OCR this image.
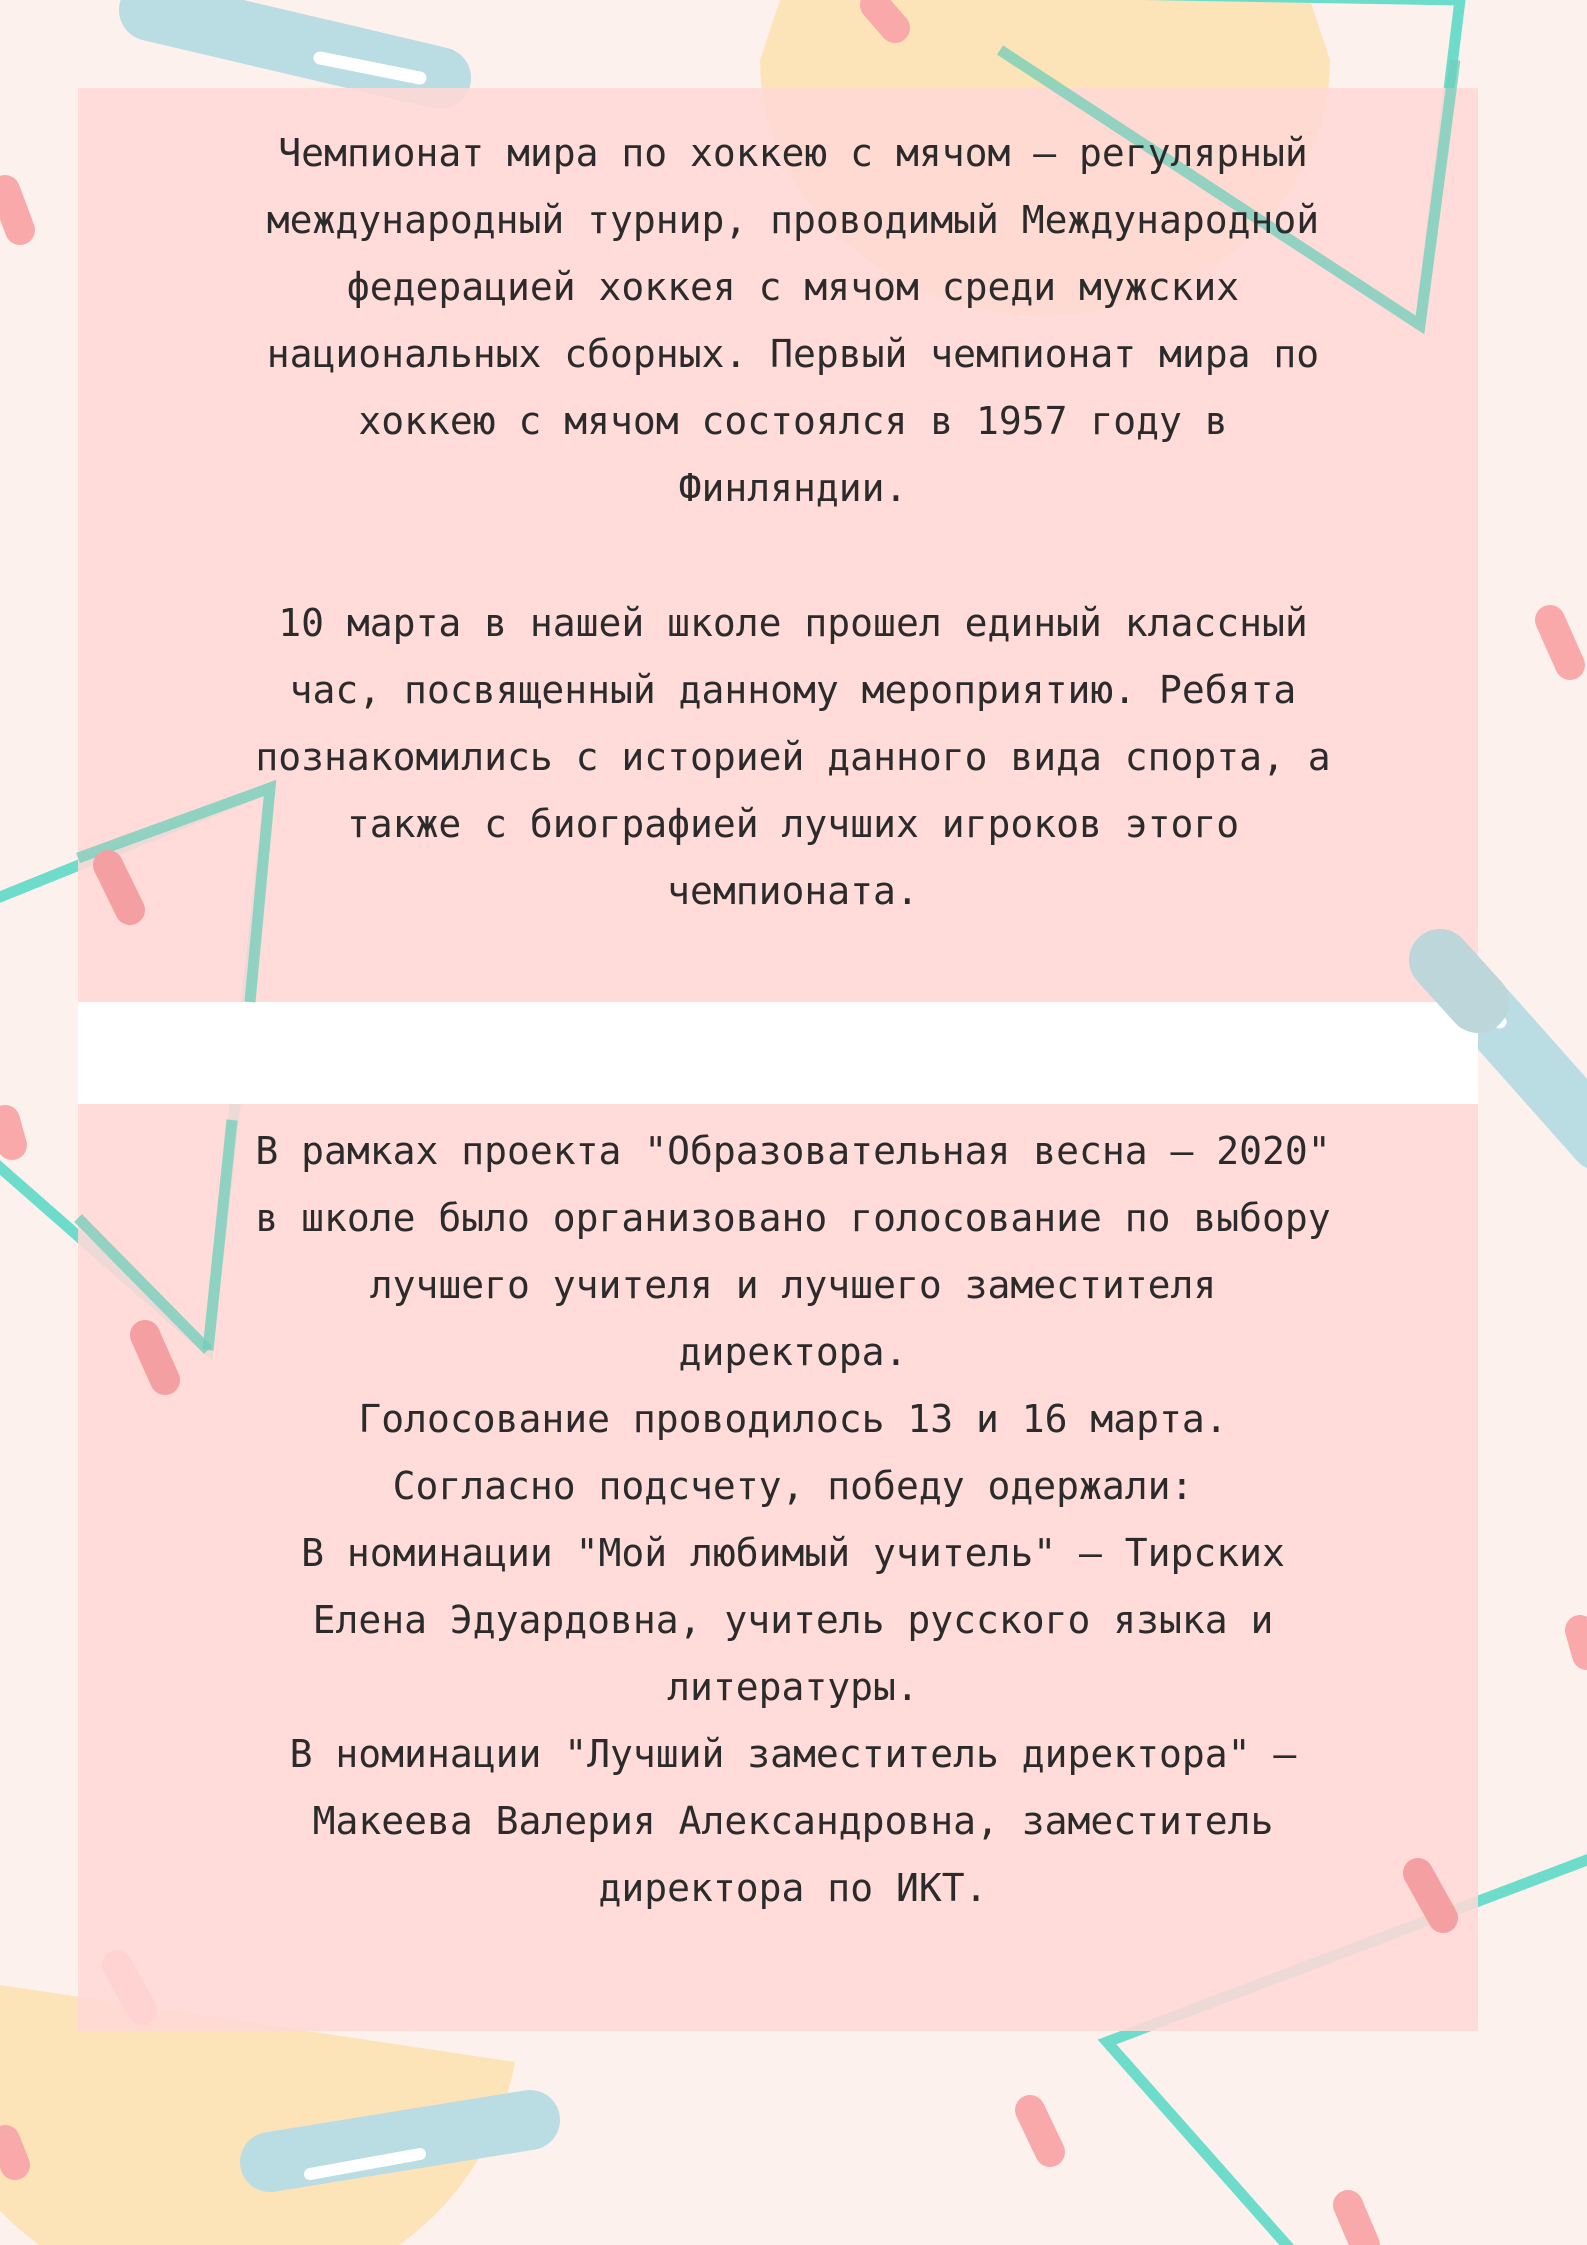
Чемпионат мира по хоккею с мячом – регулярный
международный турнир, проводимый Международной
федерацией хоккея с мячом среди мужских
национальных сборных. Первый чемпионат мира по
хоккею с мячом состоялся в 1957 году в
Финляндии.
10 марта в нашей школе прошел единый классный
час, посвященный данному мероприятию. Ребята
познакомились с историей данного вида спорта, а
также с биографией лучших игроков этого
чемпионата.
В рамках проекта "Образовательная весна – 2020"
в школе было организовано голосование по выбору
лучшего учителя и лучшего заместителя
директора.
Голосование проводилось 13 и 16 марта.
Согласно подсчету, победу одержали:
В номинации "Мой любимый учитель" – Тирских
Елена Эдуардовна, учитель русского языка и
литературы.
В номинации "Лучший заместитель директора" –
Макеева Валерия Александровна, заместитель
директора по ИКТ.
